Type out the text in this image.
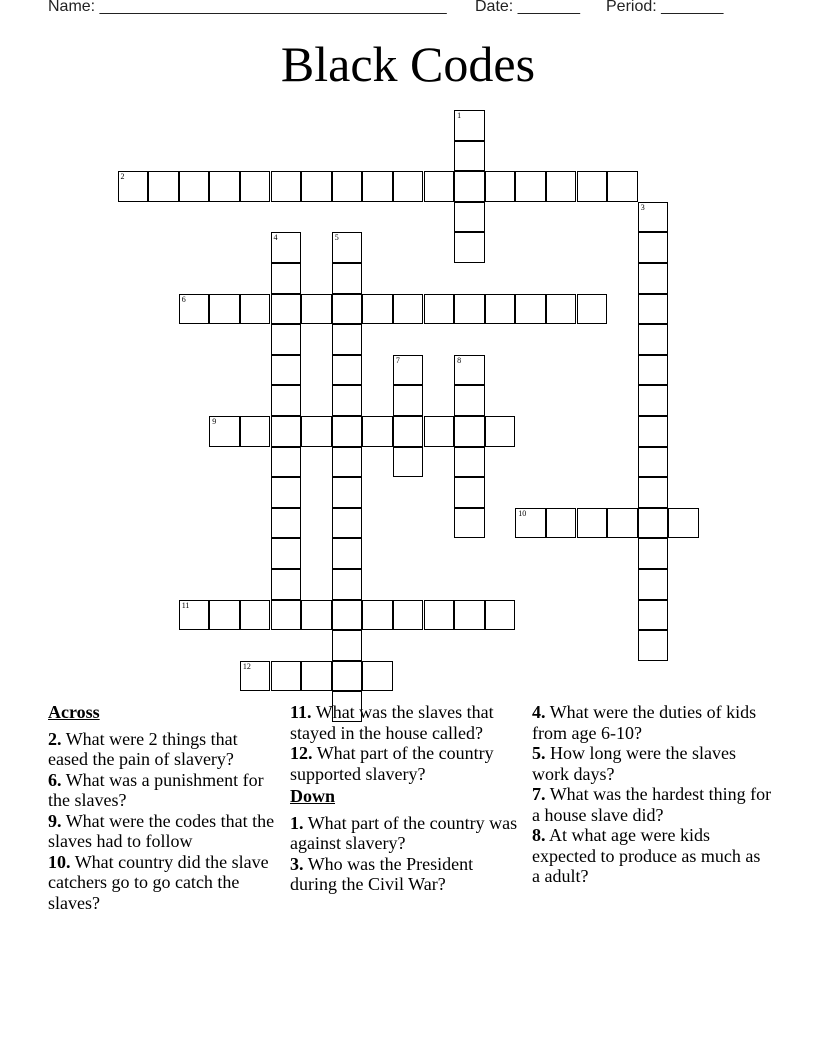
Name: _______________________________________ Date: _______ Period: _______
Black Codes
1
2
3
4	5
6
7	8
9
10
11
12
Across
2. What were 2 things that eased the pain of slavery?
6. What was a punishment for the slaves?
9. What were the codes that the slaves had to follow
10. What country did the slave catchers go to go catch the slaves?
11. What was the slaves that stayed in the house called?
12. What part of the country supported slavery?
Down
1. What part of the country was against slavery?
3. Who was the President during the Civil War?
4. What were the duties of kids from age 6-10?
5. How long were the slaves work days?
7. What was the hardest thing for a house slave did?
8. At what age were kids expected to produce as much as a adult?
